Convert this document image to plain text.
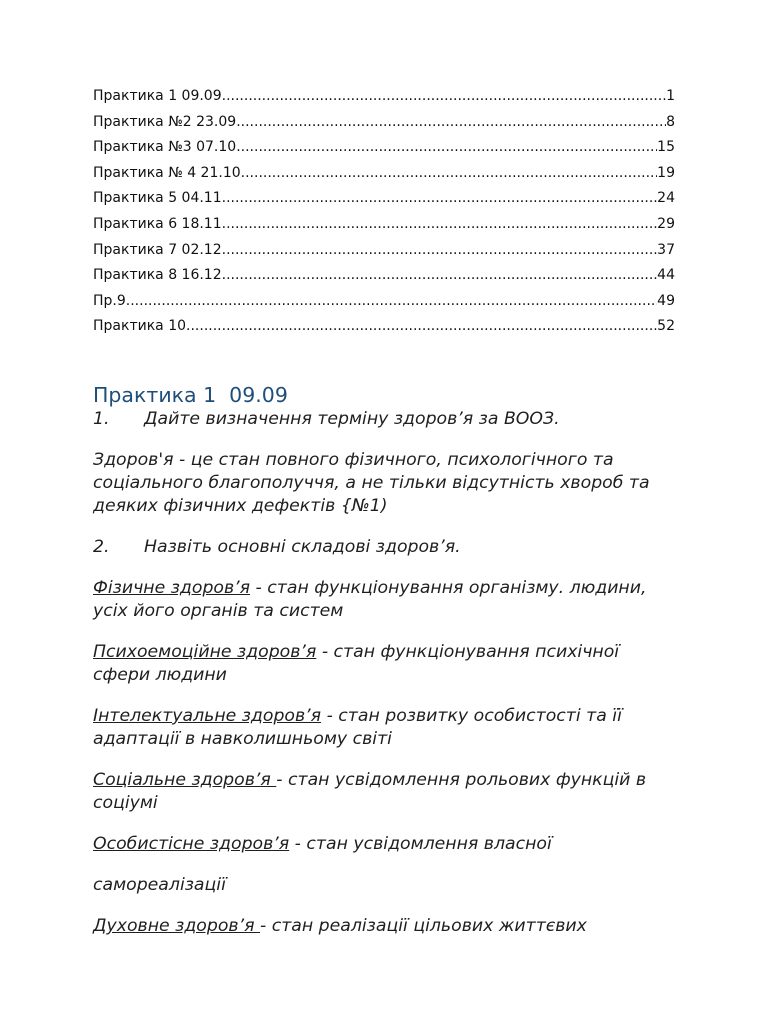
Практика 1 09.09 .....	1
Практика №2 23.09 .....	8
Практика №3 07.10 .....	15
Практика № 4 21.10 .....	19
Практика 5 04.11 .....	24
Практика 6 18.11 .....	29
Практика 7 02.12 .....	37
Практика 8 16.12 .....	44
Пр.9 .....	49
Практика 10 .....	52
Практика 1  09.09

1.	Дайте визначення терміну здоров’я за ВООЗ.

Здоров'я - це стан повного фізичного, психологічного та соціального благополуччя, а не тільки відсутність хвороб та деяких фізичних дефектів {№1)

2.	Назвіть основні складові здоров’я.

Фізичне здоров’я - стан функціонування організму. людини, усіх його органів та систем

Психоемоційне здоров’я - стан функціонування психічної сфери людини

Інтелектуальне здоров’я - стан розвитку особистості та її адаптації в навколишньому світі

Соціальне здоров’я - стан усвідомлення рольових функцій в соціумі

Особистісне здоров’я - стан усвідомлення власної

самореалізації

Духовне здоров’я - стан реалізації цільових життєвих
